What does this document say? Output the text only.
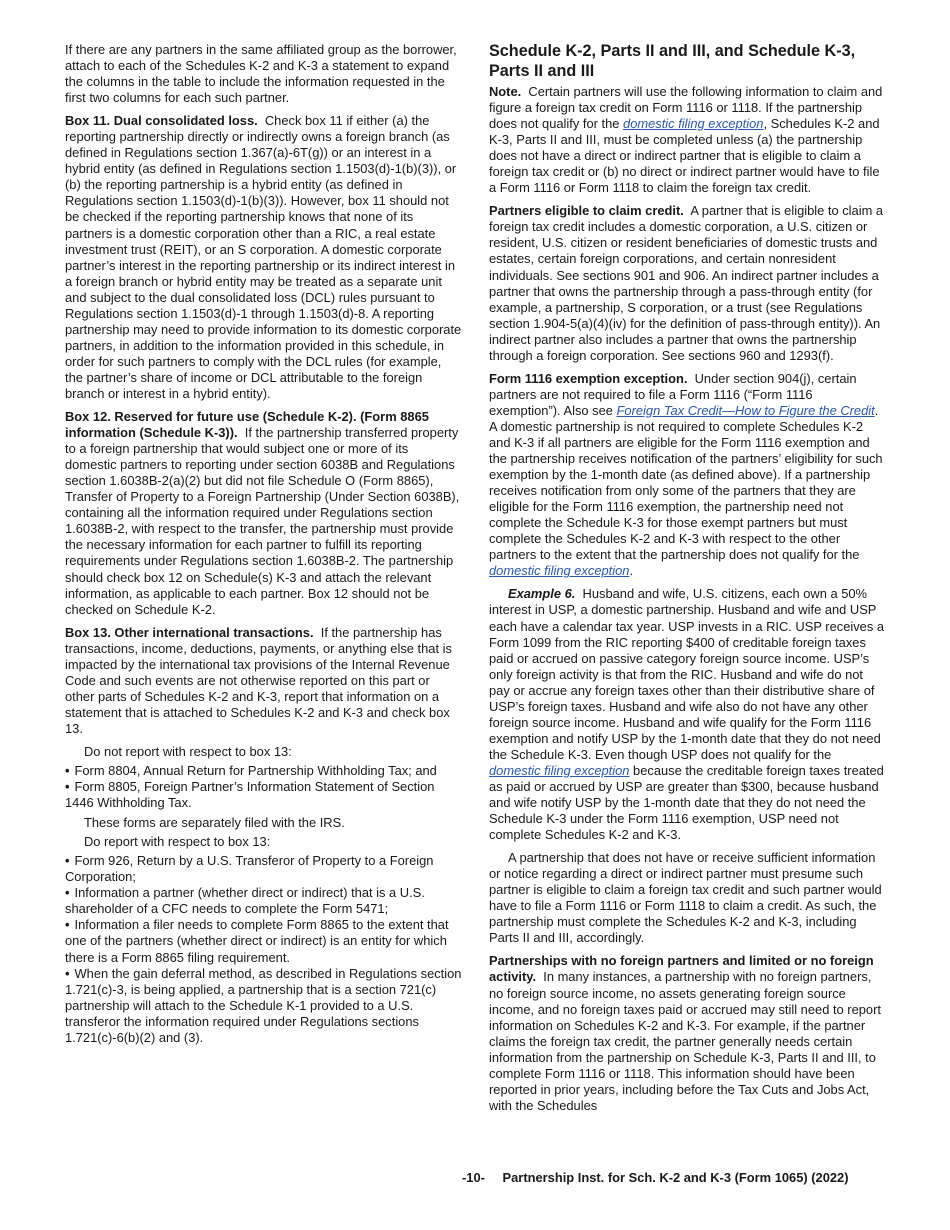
If there are any partners in the same affiliated group as the borrower, attach to each of the Schedules K-2 and K-3 a statement to expand the columns in the table to include the information requested in the first two columns for each such partner.

Box 11. Dual consolidated loss. Check box 11 if either (a) the reporting partnership directly or indirectly owns a foreign branch (as defined in Regulations section 1.367(a)-6T(g)) or an interest in a hybrid entity (as defined in Regulations section 1.1503(d)-1(b)(3)), or (b) the reporting partnership is a hybrid entity (as defined in Regulations section 1.1503(d)-1(b)(3)). However, box 11 should not be checked if the reporting partnership knows that none of its partners is a domestic corporation other than a RIC, a real estate investment trust (REIT), or an S corporation. A domestic corporate partner’s interest in the reporting partnership or its indirect interest in a foreign branch or hybrid entity may be treated as a separate unit and subject to the dual consolidated loss (DCL) rules pursuant to Regulations section 1.1503(d)-1 through 1.1503(d)-8. A reporting partnership may need to provide information to its domestic corporate partners, in addition to the information provided in this schedule, in order for such partners to comply with the DCL rules (for example, the partner’s share of income or DCL attributable to the foreign branch or interest in a hybrid entity).

Box 12. Reserved for future use (Schedule K-2). (Form 8865 information (Schedule K-3)). If the partnership transferred property to a foreign partnership that would subject one or more of its domestic partners to reporting under section 6038B and Regulations section 1.6038B-2(a)(2) but did not file Schedule O (Form 8865), Transfer of Property to a Foreign Partnership (Under Section 6038B), containing all the information required under Regulations section 1.6038B-2, with respect to the transfer, the partnership must provide the necessary information for each partner to fulfill its reporting requirements under Regulations section 1.6038B-2. The partnership should check box 12 on Schedule(s) K-3 and attach the relevant information, as applicable to each partner. Box 12 should not be checked on Schedule K-2.

Box 13. Other international transactions. If the partnership has transactions, income, deductions, payments, or anything else that is impacted by the international tax provisions of the Internal Revenue Code and such events are not otherwise reported on this part or other parts of Schedules K-2 and K-3, report that information on a statement that is attached to Schedules K-2 and K-3 and check box 13.

Do not report with respect to box 13:

• Form 8804, Annual Return for Partnership Withholding Tax; and

• Form 8805, Foreign Partner’s Information Statement of Section 1446 Withholding Tax.

These forms are separately filed with the IRS.

Do report with respect to box 13:

• Form 926, Return by a U.S. Transferor of Property to a Foreign Corporation;

• Information a partner (whether direct or indirect) that is a U.S. shareholder of a CFC needs to complete the Form 5471;

• Information a filer needs to complete Form 8865 to the extent that one of the partners (whether direct or indirect) is an entity for which there is a Form 8865 filing requirement.

• When the gain deferral method, as described in Regulations section 1.721(c)-3, is being applied, a partnership that is a section 721(c) partnership will attach to the Schedule K-1 provided to a U.S. transferor the information required under Regulations sections 1.721(c)-6(b)(2) and (3).

Schedule K-2, Parts II and III, and Schedule K-3, Parts II and III

Note. Certain partners will use the following information to claim and figure a foreign tax credit on Form 1116 or 1118. If the partnership does not qualify for the domestic filing exception, Schedules K-2 and K-3, Parts II and III, must be completed unless (a) the partnership does not have a direct or indirect partner that is eligible to claim a foreign tax credit or (b) no direct or indirect partner would have to file a Form 1116 or Form 1118 to claim the foreign tax credit.

Partners eligible to claim credit. A partner that is eligible to claim a foreign tax credit includes a domestic corporation, a U.S. citizen or resident, U.S. citizen or resident beneficiaries of domestic trusts and estates, certain foreign corporations, and certain nonresident individuals. See sections 901 and 906. An indirect partner includes a partner that owns the partnership through a pass-through entity (for example, a partnership, S corporation, or a trust (see Regulations section 1.904-5(a)(4)(iv) for the definition of pass-through entity)). An indirect partner also includes a partner that owns the partnership through a foreign corporation. See sections 960 and 1293(f).

Form 1116 exemption exception. Under section 904(j), certain partners are not required to file a Form 1116 (“Form 1116 exemption”). Also see Foreign Tax Credit—How to Figure the Credit. A domestic partnership is not required to complete Schedules K-2 and K-3 if all partners are eligible for the Form 1116 exemption and the partnership receives notification of the partners’ eligibility for such exemption by the 1-month date (as defined above). If a partnership receives notification from only some of the partners that they are eligible for the Form 1116 exemption, the partnership need not complete the Schedule K-3 for those exempt partners but must complete the Schedules K-2 and K-3 with respect to the other partners to the extent that the partnership does not qualify for the domestic filing exception.

Example 6. Husband and wife, U.S. citizens, each own a 50% interest in USP, a domestic partnership. Husband and wife and USP each have a calendar tax year. USP invests in a RIC. USP receives a Form 1099 from the RIC reporting $400 of creditable foreign taxes paid or accrued on passive category foreign source income. USP’s only foreign activity is that from the RIC. Husband and wife do not pay or accrue any foreign taxes other than their distributive share of USP’s foreign taxes. Husband and wife also do not have any other foreign source income. Husband and wife qualify for the Form 1116 exemption and notify USP by the 1-month date that they do not need the Schedule K-3. Even though USP does not qualify for the domestic filing exception because the creditable foreign taxes treated as paid or accrued by USP are greater than $300, because husband and wife notify USP by the 1-month date that they do not need the Schedule K-3 under the Form 1116 exemption, USP need not complete Schedules K-2 and K-3.

A partnership that does not have or receive sufficient information or notice regarding a direct or indirect partner must presume such partner is eligible to claim a foreign tax credit and such partner would have to file a Form 1116 or Form 1118 to claim a credit. As such, the partnership must complete the Schedules K-2 and K-3, including Parts II and III, accordingly.

Partnerships with no foreign partners and limited or no foreign activity. In many instances, a partnership with no foreign partners, no foreign source income, no assets generating foreign source income, and no foreign taxes paid or accrued may still need to report information on Schedules K-2 and K-3. For example, if the partner claims the foreign tax credit, the partner generally needs certain information from the partnership on Schedule K-3, Parts II and III, to complete Form 1116 or 1118. This information should have been reported in prior years, including before the Tax Cuts and Jobs Act, with the Schedules

-10- Partnership Inst. for Sch. K-2 and K-3 (Form 1065) (2022)
